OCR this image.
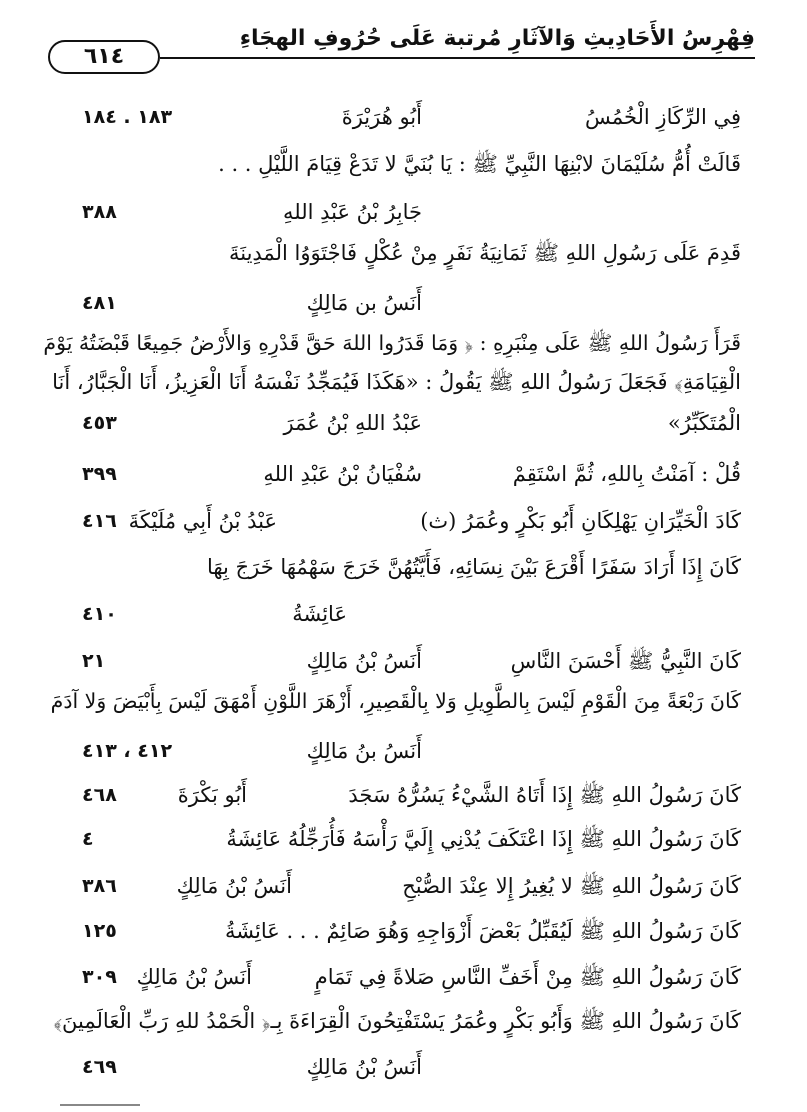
فِهْرِسُ الأَحَادِيثِ وَالآثَارِ مُرتبة عَلَى حُرُوفِ الهجَاءِ
٦١٤
فِي الرِّكَازِ الْخُمُسُ
أَبُو هُرَيْرَةَ
١٨٣ . ١٨٤
قَالَتْ أُمُّ سُلَيْمَانَ لابْنِهَا النَّبِيِّ ﷺ : يَا بُنَيَّ لا تَدَعْ قِيَامَ اللَّيْلِ . . .
جَابِرُ بْنُ عَبْدِ اللهِ
٣٨٨
قَدِمَ عَلَى رَسُولِ اللهِ ﷺ ثَمَانِيَةُ نَفَرٍ مِنْ عُكْلٍ فَاجْتَوَوُا الْمَدِينَةَ
أَنَسُ بن مَالِكٍ
٤٨١
قَرَأَ رَسُولُ اللهِ ﷺ عَلَى مِنْبَرِهِ : ﴿ وَمَا قَدَرُوا اللهَ حَقَّ قَدْرِهِ وَالأَرْضُ جَمِيعًا قَبْضَتُهُ يَوْمَ
الْقِيَامَةِ﴾ فَجَعَلَ رَسُولُ اللهِ ﷺ يَقُولُ : «هَكَذَا فَيُمَجِّدُ نَفْسَهُ أَنَا الْعَزِيزُ، أَنَا الْجَبَّارُ، أَنَا
الْمُتَكَبِّرُ»
عَبْدُ اللهِ بْنُ عُمَرَ
٤٥٣
قُلْ : آمَنْتُ بِاللهِ، ثُمَّ اسْتَقِمْ
سُفْيَانُ بْنُ عَبْدِ اللهِ
٣٩٩
كَادَ الْخَيِّرَانِ يَهْلِكَانِ أَبُو بَكْرٍ وعُمَرُ (ث)
عَبْدُ بْنُ أَبِي مُلَيْكَةَ
٤١٦
كَانَ إِذَا أَرَادَ سَفَرًا أَقْرَعَ بَيْنَ نِسَائِهِ، فَأَيَّتُهُنَّ خَرَجَ سَهْمُهَا خَرَجَ بِهَا
عَائِشَةُ
٤١٠
كَانَ النَّبِيُّ ﷺ أَحْسَنَ النَّاسِ
أَنَسُ بْنُ مَالِكٍ
٢١
كَانَ رَبْعَةً مِنَ الْقَوْمِ لَيْسَ بِالطَّوِيلِ وَلا بِالْقَصِيرِ، أَزْهَرَ اللَّوْنِ أَمْهَقَ لَيْسَ بِأَبْيَضَ وَلا آدَمَ
أَنَسُ بنُ مَالِكٍ
٤١٢ ، ٤١٣
كَانَ رَسُولُ اللهِ ﷺ إِذَا أَتَاهُ الشَّيْءُ يَسُرُّهُ سَجَدَ
أَبُو بَكْرَةَ
٤٦٨
كَانَ رَسُولُ اللهِ ﷺ إِذَا اعْتَكَفَ يُدْنِي إِلَيَّ رَأْسَهُ فَأُرَجِّلُهُ عَائِشَةُ
٤
كَانَ رَسُولُ اللهِ ﷺ لا يُغِيرُ إِلا عِنْدَ الصُّبْحِ
أَنَسُ بْنُ مَالِكٍ
٣٨٦
كَانَ رَسُولُ اللهِ ﷺ لَيُقَبِّلُ بَعْضَ أَزْوَاجِهِ وَهُوَ صَائِمٌ . . . عَائِشَةُ
١٢٥
كَانَ رَسُولُ اللهِ ﷺ مِنْ أَخَفِّ النَّاسِ صَلاةً فِي تَمَامٍ
أَنَسُ بْنُ مَالِكٍ
٣٠٩
كَانَ رَسُولُ اللهِ ﷺ وَأَبُو بَكْرٍ وعُمَرُ يَسْتَفْتِحُونَ الْقِرَاءَةَ بِـ﴿ الْحَمْدُ للهِ رَبِّ الْعَالَمِينَ﴾
أَنَسُ بْنُ مَالِكٍ
٤٦٩
